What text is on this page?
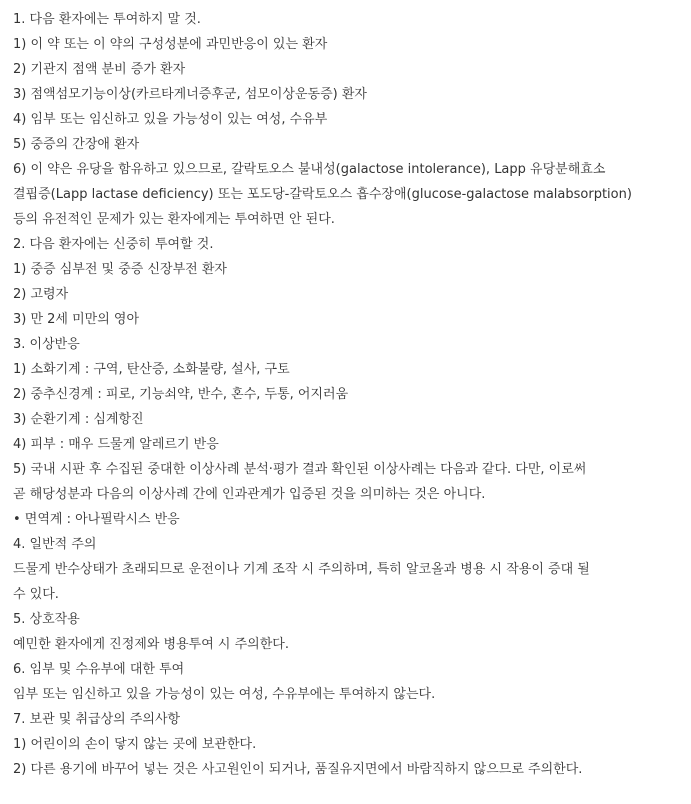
1. 다음 환자에는 투여하지 말 것.
1) 이 약 또는 이 약의 구성성분에 과민반응이 있는 환자
2) 기관지 점액 분비 증가 환자
3) 점액섬모기능이상(카르타게너증후군, 섬모이상운동증) 환자
4) 임부 또는 임신하고 있을 가능성이 있는 여성, 수유부
5) 중증의 간장애 환자
6) 이 약은 유당을 함유하고 있으므로, 갈락토오스 불내성(galactose intolerance), Lapp 유당분해효소
결핍증(Lapp lactase deficiency) 또는 포도당-갈락토오스 흡수장애(glucose-galactose malabsorption)
등의 유전적인 문제가 있는 환자에게는 투여하면 안 된다.
2. 다음 환자에는 신중히 투여할 것.
1) 중증 심부전 및 중증 신장부전 환자
2) 고령자
3) 만 2세 미만의 영아
3. 이상반응
1) 소화기계 : 구역, 탄산증, 소화불량, 설사, 구토
2) 중추신경계 : 피로, 기능쇠약, 반수, 혼수, 두통, 어지러움
3) 순환기계 : 심계항진
4) 피부 : 매우 드물게 알레르기 반응
5) 국내 시판 후 수집된 중대한 이상사례 분석·평가 결과 확인된 이상사례는 다음과 같다. 다만, 이로써
곧 해당성분과 다음의 이상사례 간에 인과관계가 입증된 것을 의미하는 것은 아니다.
• 면역계 : 아나필락시스 반응
4. 일반적 주의
드물게 반수상태가 초래되므로 운전이나 기계 조작 시 주의하며, 특히 알코올과 병용 시 작용이 증대 될
수 있다.
5. 상호작용
예민한 환자에게 진정제와 병용투여 시 주의한다.
6. 임부 및 수유부에 대한 투여
임부 또는 임신하고 있을 가능성이 있는 여성, 수유부에는 투여하지 않는다.
7. 보관 및 취급상의 주의사항
1) 어린이의 손이 닿지 않는 곳에 보관한다.
2) 다른 용기에 바꾸어 넣는 것은 사고원인이 되거나, 품질유지면에서 바람직하지 않으므로 주의한다.
